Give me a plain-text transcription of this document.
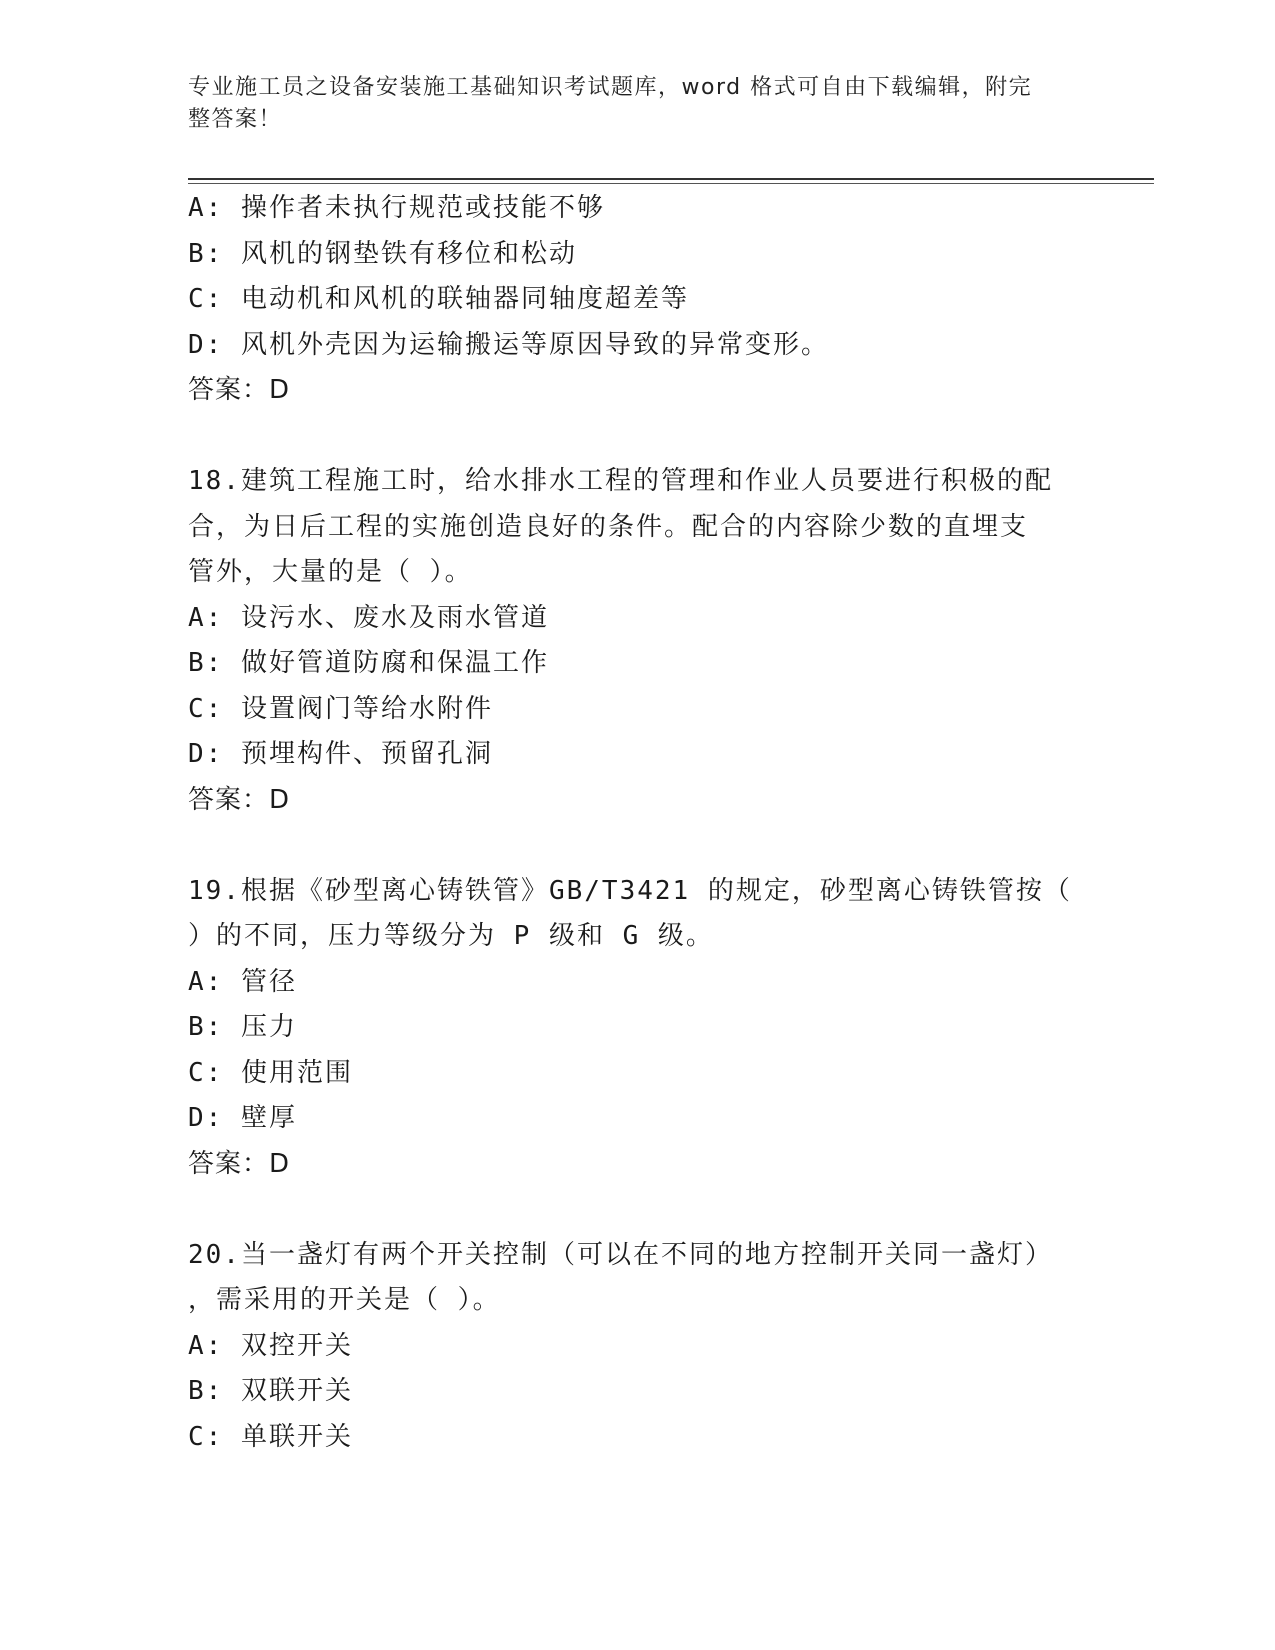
专业施工员之设备安装施工基础知识考试题库，word 格式可自由下载编辑，附完
整答案！
A: 操作者未执行规范或技能不够
B: 风机的钢垫铁有移位和松动
C: 电动机和风机的联轴器同轴度超差等
D: 风机外壳因为运输搬运等原因导致的异常变形。
答案：D
18.建筑工程施工时，给水排水工程的管理和作业人员要进行积极的配
合，为日后工程的实施创造良好的条件。配合的内容除少数的直埋支
管外，大量的是（ ）。
A: 设污水、废水及雨水管道
B: 做好管道防腐和保温工作
C: 设置阀门等给水附件
D: 预埋构件、预留孔洞
答案：D
19.根据《砂型离心铸铁管》GB/T3421 的规定，砂型离心铸铁管按（
）的不同，压力等级分为 P 级和 G 级。
A: 管径
B: 压力
C: 使用范围
D: 壁厚
答案：D
20.当一盏灯有两个开关控制（可以在不同的地方控制开关同一盏灯）
，需采用的开关是（ ）。
A: 双控开关
B: 双联开关
C: 单联开关
